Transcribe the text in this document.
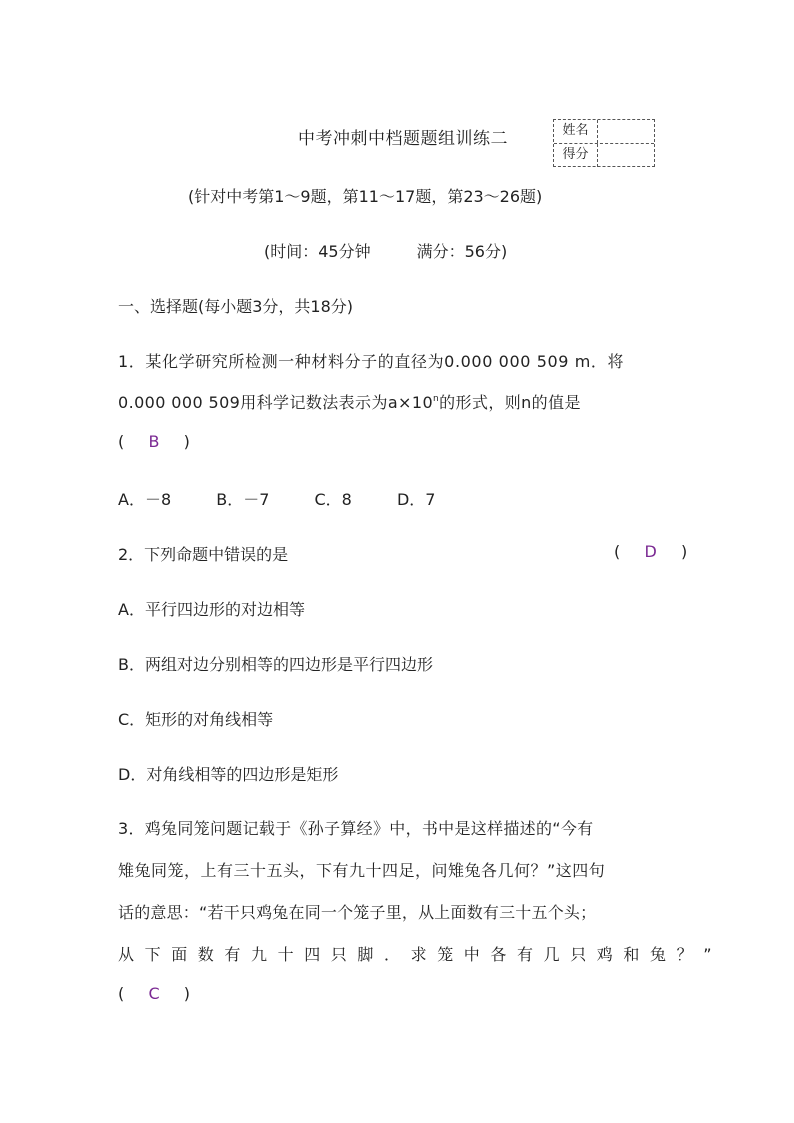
中考冲刺中档题题组训练二	姓名
得分
(针对中考第1～9题，第11～17题，第23～26题)
(时间：45分钟	满分：56分)
一、选择题(每小题3分，共18分)
1．某化学研究所检测一种材料分子的直径为0.000 000 509 m．将
0.000 000 509用科学记数法表示为$a\times 10^n$的形式，则n的值是
( B )
A．－8	B．－7	C．8	D．7
2．下列命题中错误的是	( D )
A．平行四边形的对边相等
B．两组对边分别相等的四边形是平行四边形
C．矩形的对角线相等
D．对角线相等的四边形是矩形
3．鸡兔同笼问题记载于《孙子算经》中，书中是这样描述的“今有
雉兔同笼，上有三十五头，下有九十四足，问雉兔各几何？”这四句
话的意思：“若干只鸡兔在同一个笼子里，从上面数有三十五个头；
从下面数有九十四只脚．求笼中各有几只鸡和兔？”
( C )
